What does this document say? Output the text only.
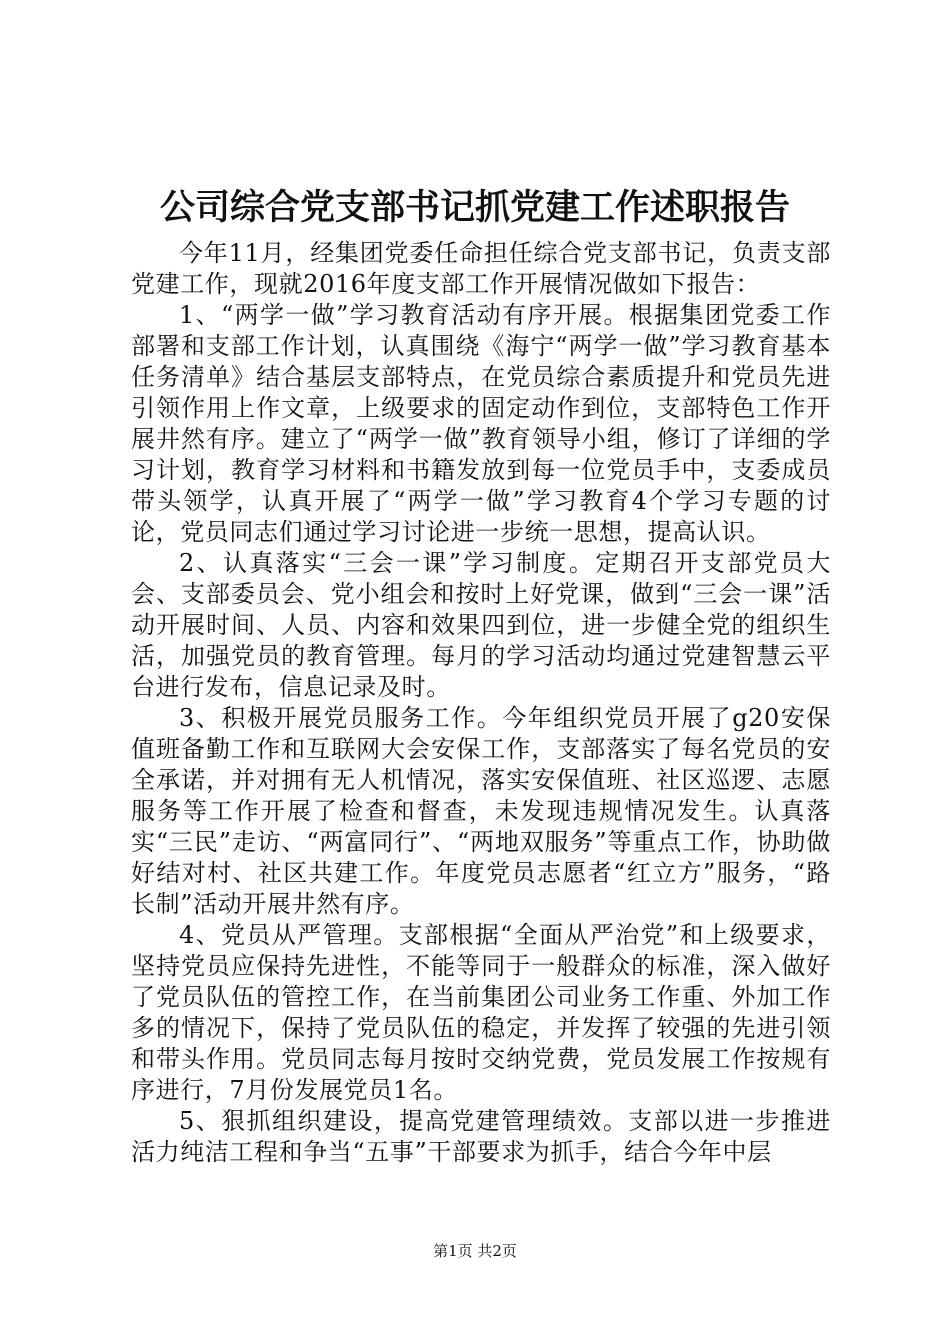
公司综合党支部书记抓党建工作述职报告

今年11月，经集团党委任命担任综合党支部书记，负责支部党建工作，现就2016年度支部工作开展情况做如下报告：

1、“两学一做”学习教育活动有序开展。根据集团党委工作部署和支部工作计划，认真围绕《海宁“两学一做”学习教育基本任务清单》结合基层支部特点，在党员综合素质提升和党员先进引领作用上作文章，上级要求的固定动作到位，支部特色工作开展井然有序。建立了“两学一做”教育领导小组，修订了详细的学习计划，教育学习材料和书籍发放到每一位党员手中，支委成员带头领学，认真开展了“两学一做”学习教育4个学习专题的讨论，党员同志们通过学习讨论进一步统一思想，提高认识。

2、认真落实“三会一课”学习制度。定期召开支部党员大会、支部委员会、党小组会和按时上好党课，做到“三会一课”活动开展时间、人员、内容和效果四到位，进一步健全党的组织生活，加强党员的教育管理。每月的学习活动均通过党建智慧云平台进行发布，信息记录及时。

3、积极开展党员服务工作。今年组织党员开展了g20安保值班备勤工作和互联网大会安保工作，支部落实了每名党员的安全承诺，并对拥有无人机情况，落实安保值班、社区巡逻、志愿服务等工作开展了检查和督查，未发现违规情况发生。认真落实“三民”走访、“两富同行”、“两地双服务”等重点工作，协助做好结对村、社区共建工作。年度党员志愿者“红立方”服务，“路长制”活动开展井然有序。

4、党员从严管理。支部根据“全面从严治党”和上级要求，坚持党员应保持先进性，不能等同于一般群众的标准，深入做好了党员队伍的管控工作，在当前集团公司业务工作重、外加工作多的情况下，保持了党员队伍的稳定，并发挥了较强的先进引领和带头作用。党员同志每月按时交纳党费，党员发展工作按规有序进行，7月份发展党员1名。

5、狠抓组织建设，提高党建管理绩效。支部以进一步推进活力纯洁工程和争当“五事”干部要求为抓手，结合今年中层

第1页 共2页
